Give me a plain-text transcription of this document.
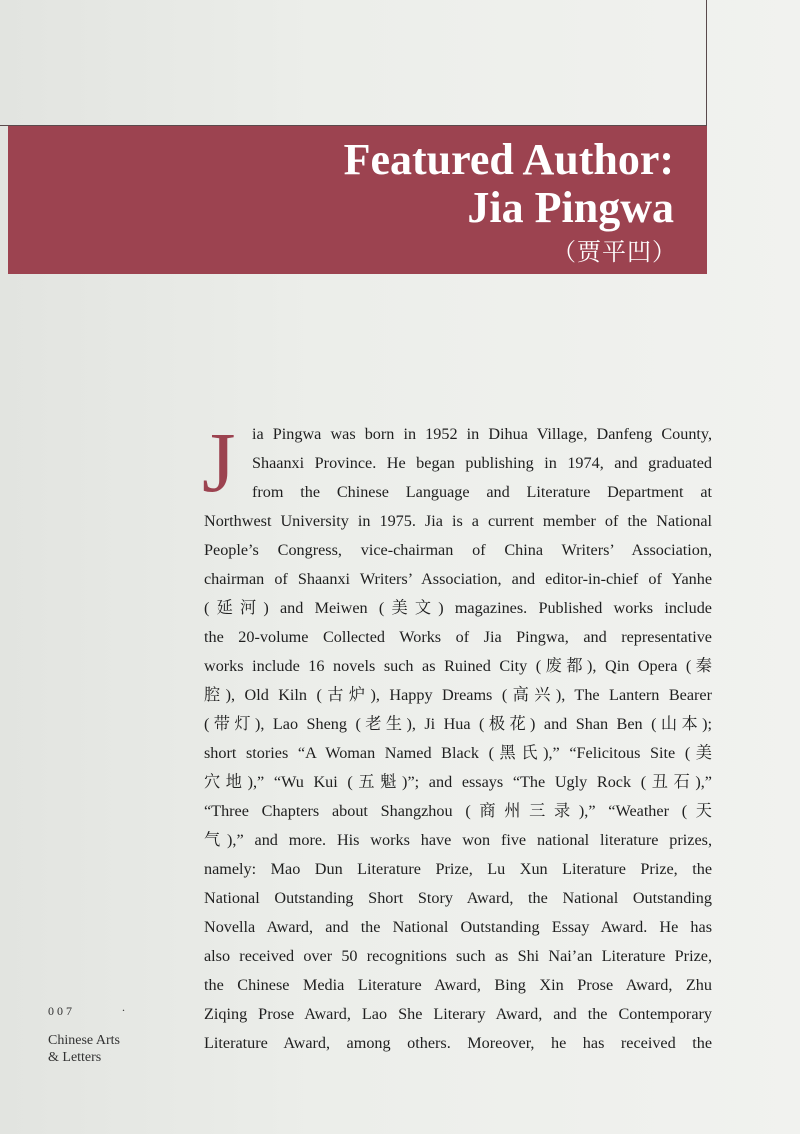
Featured Author:
Jia Pingwa
（贾平凹）
J ia Pingwa was born in 1952 in Dihua Village, Danfeng County,
Shaanxi Province. He began publishing in 1974, and graduated
from the Chinese Language and Literature Department at
Northwest University in 1975. Jia is a current member of the National
People’s Congress, vice-chairman of China Writers’ Association,
chairman of Shaanxi Writers’ Association, and editor-in-chief of Yanhe
(延河) and Meiwen (美文) magazines. Published works include
the 20-volume Collected Works of Jia Pingwa, and representative
works include 16 novels such as Ruined City (废都), Qin Opera (秦
腔), Old Kiln (古炉), Happy Dreams (高兴), The Lantern Bearer
(带灯), Lao Sheng (老生), Ji Hua (极花) and Shan Ben (山本);
short stories “A Woman Named Black (黑氏),” “Felicitous Site (美
穴地),” “Wu Kui (五魁)”; and essays “The Ugly Rock (丑石),”
“Three Chapters about Shangzhou (商州三录),” “Weather (天
气),” and more. His works have won five national literature prizes,
namely: Mao Dun Literature Prize, Lu Xun Literature Prize, the
National Outstanding Short Story Award, the National Outstanding
Novella Award, and the National Outstanding Essay Award. He has
also received over 50 recognitions such as Shi Nai’an Literature Prize,
the Chinese Media Literature Award, Bing Xin Prose Award, Zhu
Ziqing Prose Award, Lao She Literary Award, and the Contemporary
Literature Award, among others. Moreover, he has received the
007	.
Chinese Arts
& Letters
